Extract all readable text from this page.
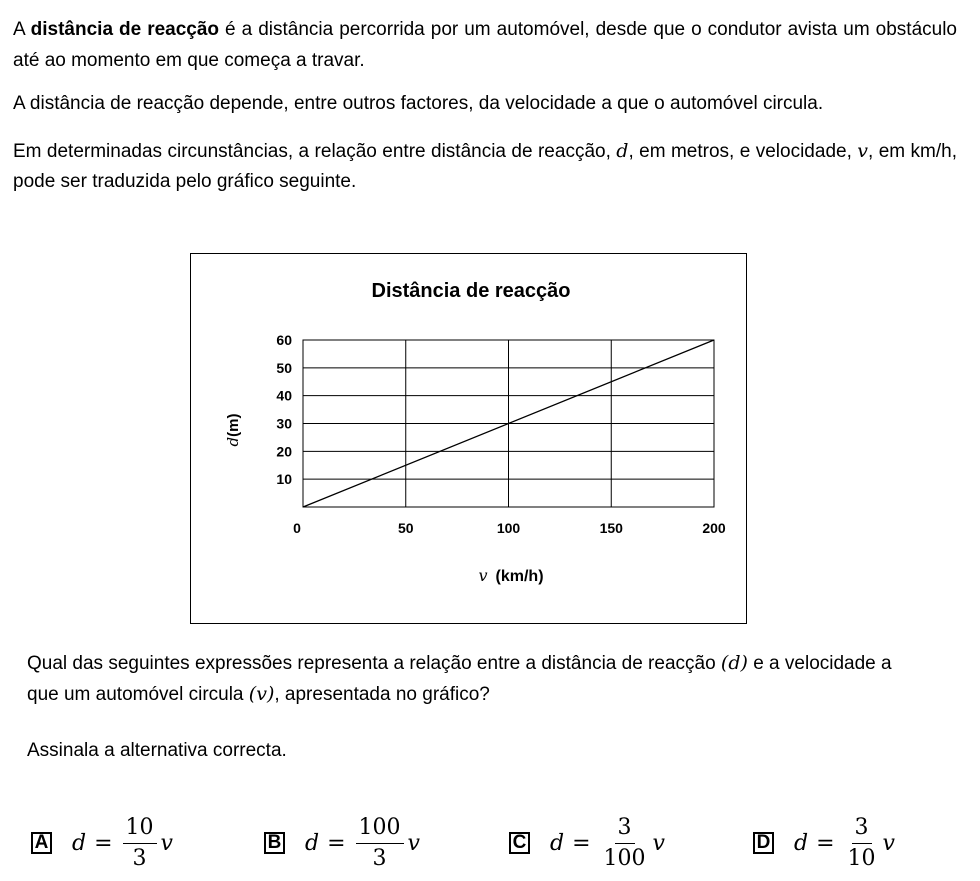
A distância de reacção é a distância percorrida por um automóvel, desde que o condutor avista um obstáculo até ao momento em que começa a travar.

A distância de reacção depende, entre outros factores, da velocidade a que o automóvel circula.

Em determinadas circunstâncias, a relação entre distância de reacção, d, em metros, e velocidade, v, em km/h, pode ser traduzida pelo gráfico seguinte.

Distância de reacção
10
20
30
40
50
60
0	50	100	150	200
d(m)
v (km/h)

Qual das seguintes expressões representa a relação entre a distância de reacção (d) e a velocidade a que um automóvel circula (v), apresentada no gráfico?

Assinala a alternativa correcta.

A $d = \frac{10}{3}$ v	B $d = \frac{100}{3}$ v	C $d = \frac{3}{100}$ v	D $d = \frac{3}{10}$ v
